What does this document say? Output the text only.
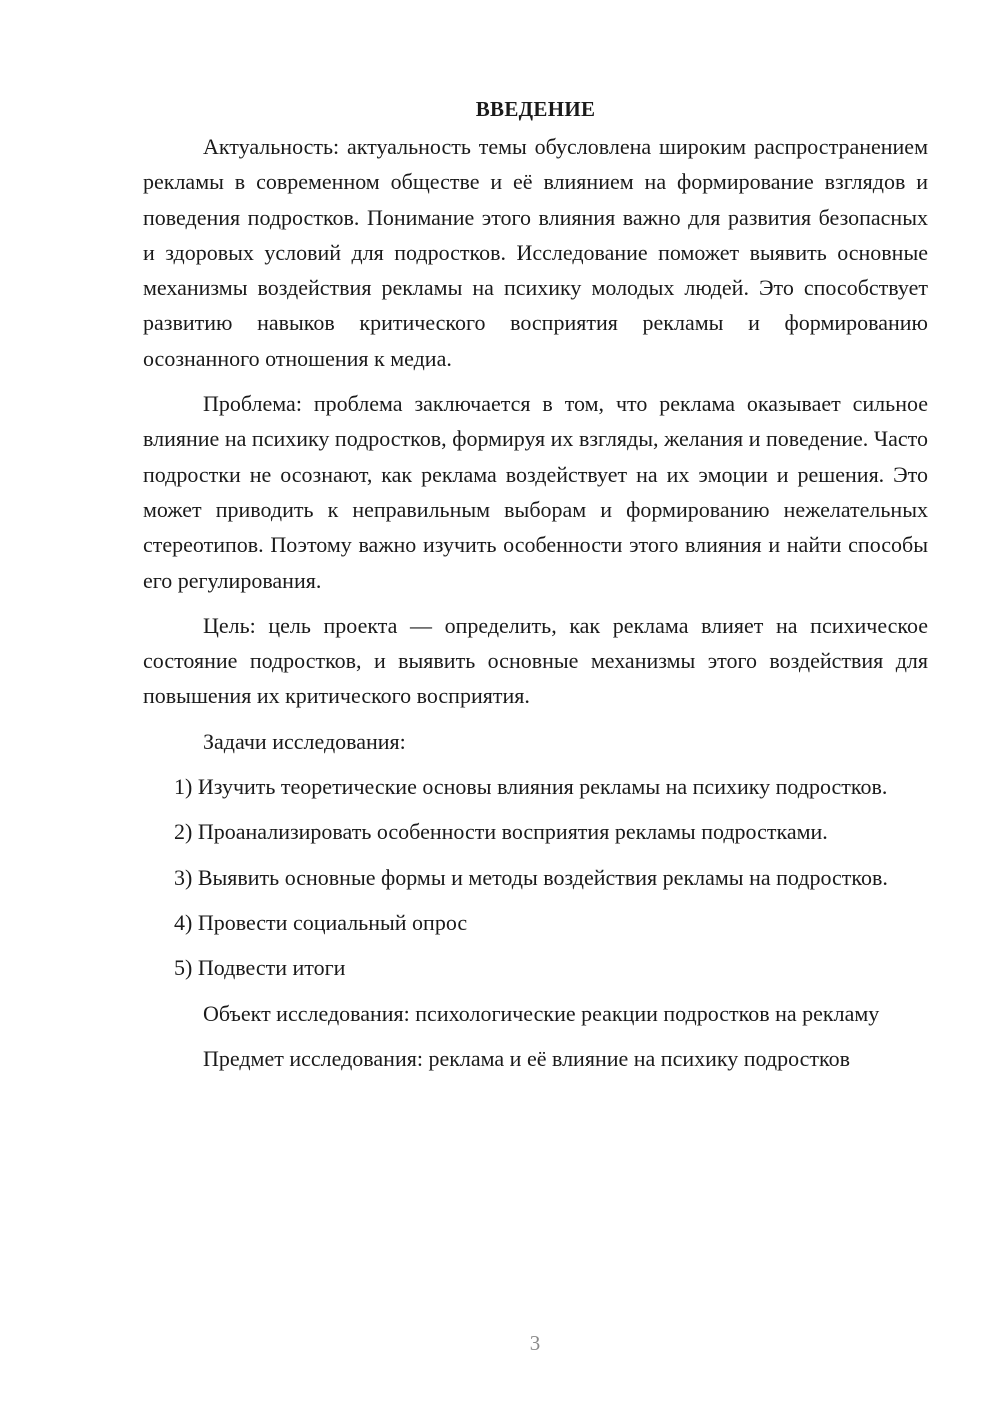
ВВЕДЕНИЕ

Актуальность: актуальность темы обусловлена широким распространением рекламы в современном обществе и её влиянием на формирование взглядов и поведения подростков. Понимание этого влияния важно для развития безопасных и здоровых условий для подростков. Исследование поможет выявить основные механизмы воздействия рекламы на психику молодых людей. Это способствует развитию навыков критического восприятия рекламы и формированию осознанного отношения к медиа.

Проблема: проблема заключается в том, что реклама оказывает сильное влияние на психику подростков, формируя их взгляды, желания и поведение. Часто подростки не осознают, как реклама воздействует на их эмоции и решения. Это может приводить к неправильным выборам и формированию нежелательных стереотипов. Поэтому важно изучить особенности этого влияния и найти способы его регулирования.

Цель: цель проекта — определить, как реклама влияет на психическое состояние подростков, и выявить основные механизмы этого воздействия для повышения их критического восприятия.

Задачи исследования:

1) Изучить теоретические основы влияния рекламы на психику подростков.

2) Проанализировать особенности восприятия рекламы подростками.

3) Выявить основные формы и методы воздействия рекламы на подростков.

4) Провести социальный опрос

5) Подвести итоги

Объект исследования: психологические реакции подростков на рекламу

Предмет исследования: реклама и её влияние на психику подростков

3
